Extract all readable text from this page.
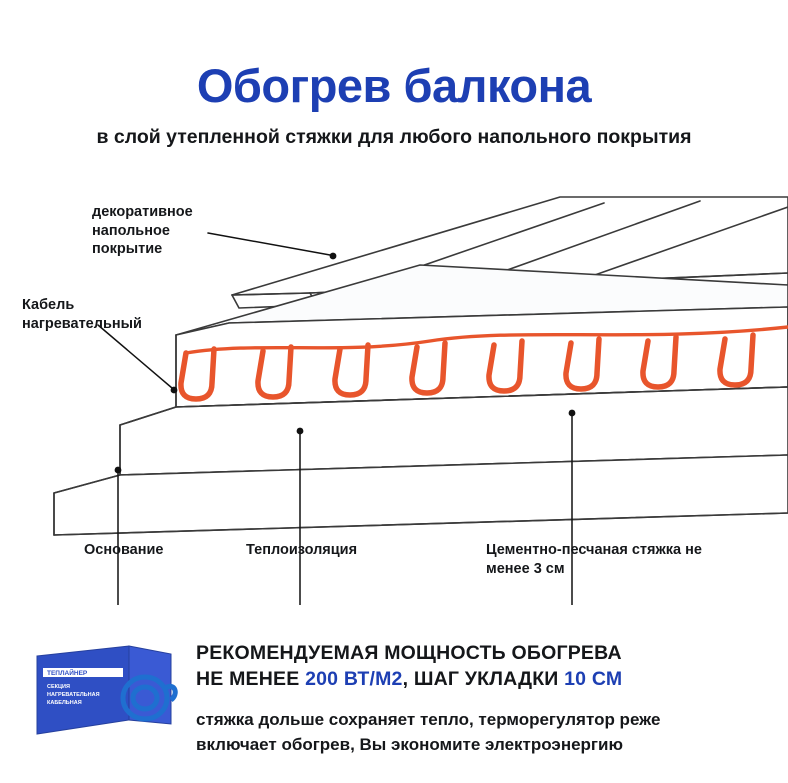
Обогрев балкона
в слой утепленной стяжки для любого напольного покрытия
декоративное напольное покрытие
Кабель нагревательный
Основание	Теплоизоляция	Цементно-песчаная стяжка не менее 3 см
ТЕПЛАЙНЕР
СЕКЦИЯ
НАГРЕВАТЕЛЬНАЯ
КАБЕЛЬНАЯ
РЕКОМЕНДУЕМАЯ МОЩНОСТЬ ОБОГРЕВА
НЕ МЕНЕЕ 200 ВТ/М2, ШАГ УКЛАДКИ 10 СМ
стяжка дольше сохраняет тепло, терморегулятор реже включает обогрев, Вы экономите электроэнергию
